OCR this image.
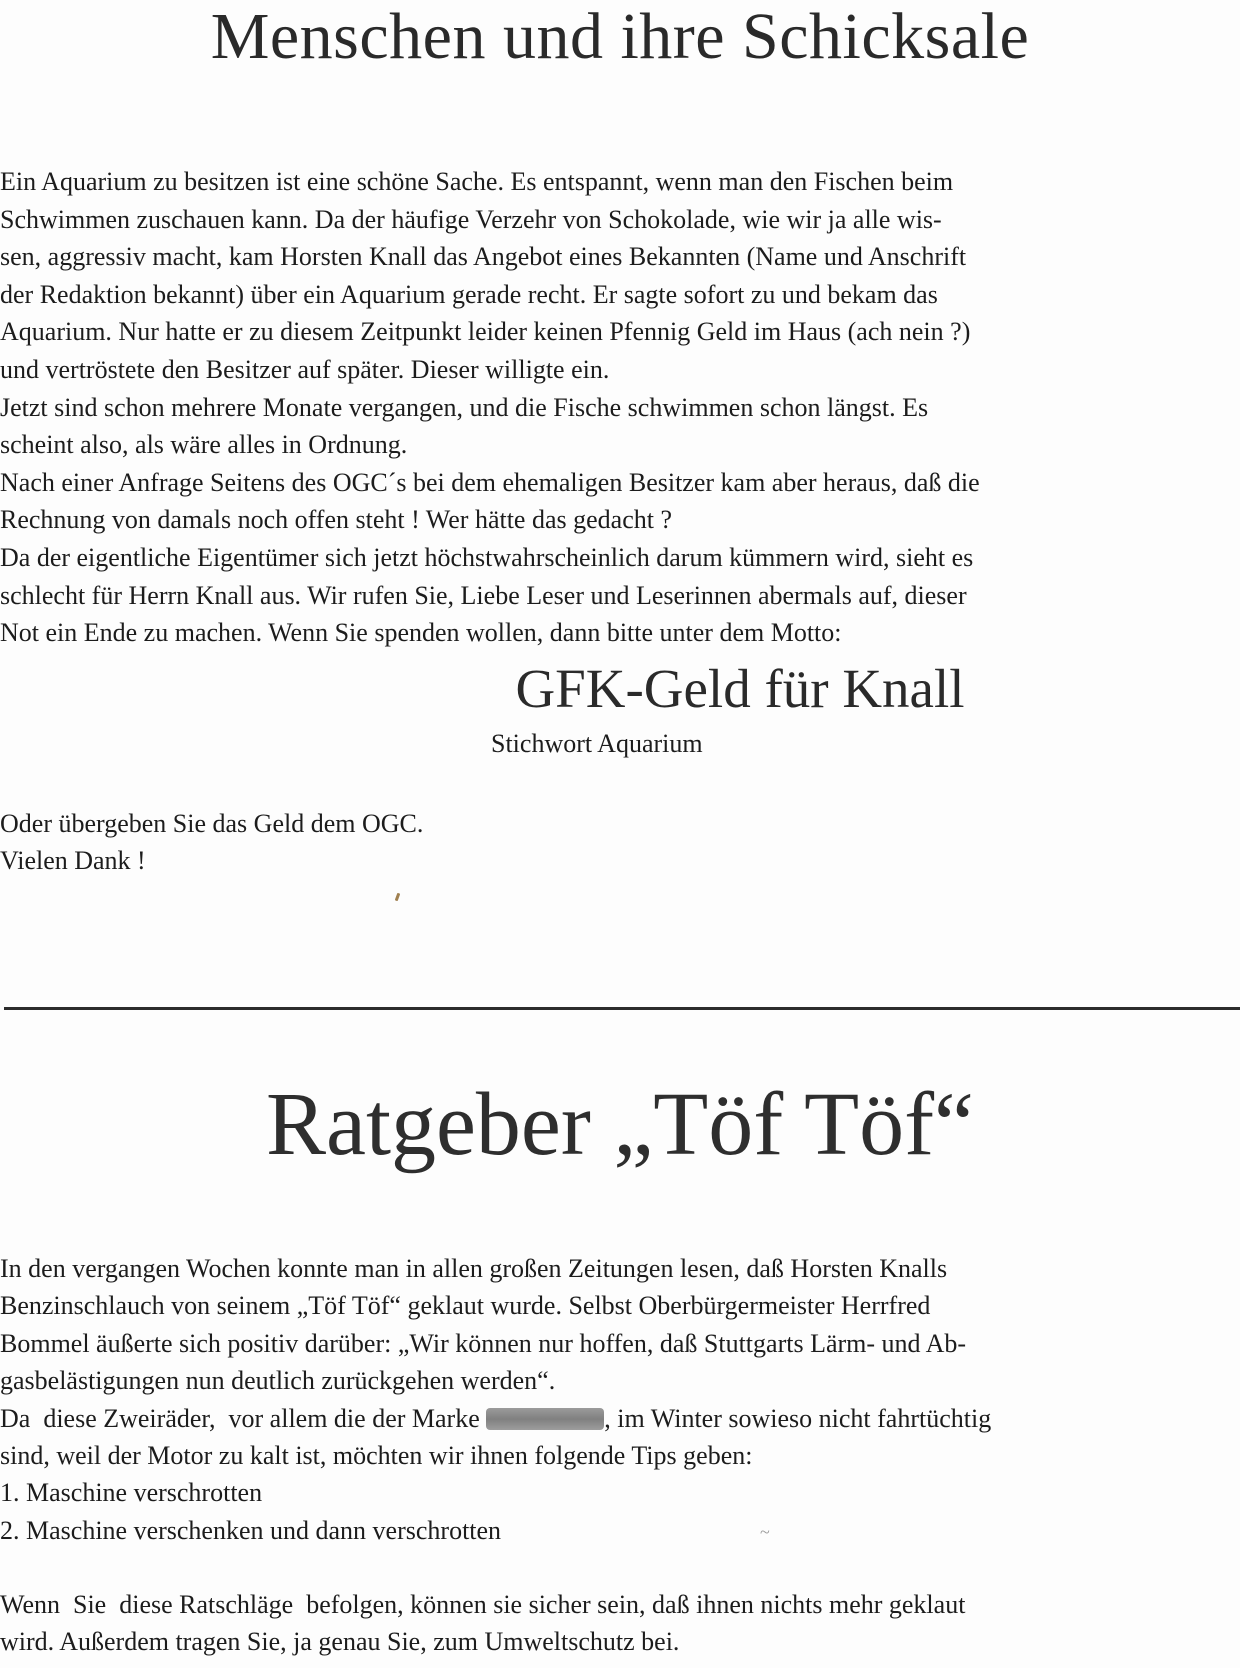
Menschen und ihre Schicksale

Ein Aquarium zu besitzen ist eine schöne Sache. Es entspannt, wenn man den Fischen beim

Schwimmen zuschauen kann. Da der häufige Verzehr von Schokolade, wie wir ja alle wis-

sen, aggressiv macht, kam Horsten Knall das Angebot eines Bekannten (Name und Anschrift

der Redaktion bekannt) über ein Aquarium gerade recht. Er sagte sofort zu und bekam das

Aquarium. Nur hatte er zu diesem Zeitpunkt leider keinen Pfennig Geld im Haus (ach nein ?)

und vertröstete den Besitzer auf später. Dieser willigte ein.

Jetzt sind schon mehrere Monate vergangen, und die Fische schwimmen schon längst. Es

scheint also, als wäre alles in Ordnung.

Nach einer Anfrage Seitens des OGC´s bei dem ehemaligen Besitzer kam aber heraus, daß die

Rechnung von damals noch offen steht ! Wer hätte das gedacht ?

Da der eigentliche Eigentümer sich jetzt höchstwahrscheinlich darum kümmern wird, sieht es

schlecht für Herrn Knall aus. Wir rufen Sie, Liebe Leser und Leserinnen abermals auf, dieser

Not ein Ende zu machen. Wenn Sie spenden wollen, dann bitte unter dem Motto:

GFK-Geld für Knall
Stichwort Aquarium

Oder übergeben Sie das Geld dem OGC.

Vielen Dank !

Ratgeber „Töf Töf“

In den vergangen Wochen konnte man in allen großen Zeitungen lesen, daß Horsten Knalls

Benzinschlauch von seinem „Töf Töf“ geklaut wurde. Selbst Oberbürgermeister Herrfred

Bommel äußerte sich positiv darüber: „Wir können nur hoffen, daß Stuttgarts Lärm- und Ab-

gasbelästigungen nun deutlich zurückgehen werden“.

Da  diese Zweiräder,  vor allem die der Marke	, im Winter sowieso nicht fahrtüchtig

sind, weil der Motor zu kalt ist, möchten wir ihnen folgende Tips geben:

1. Maschine verschrotten

2. Maschine verschenken und dann verschrotten	~

Wenn  Sie  diese Ratschläge  befolgen, können sie sicher sein, daß ihnen nichts mehr geklaut

wird. Außerdem tragen Sie, ja genau Sie, zum Umweltschutz bei.
